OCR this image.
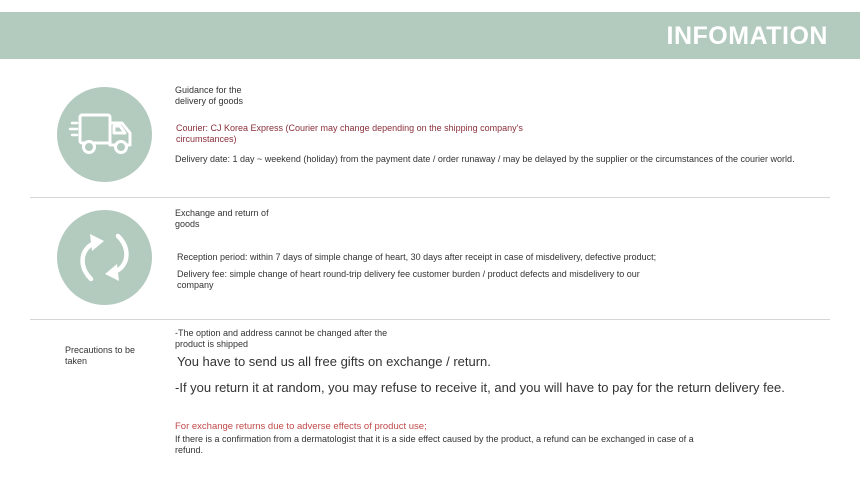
INFOMATION
Guidance for the delivery of goods
Courier: CJ Korea Express (Courier may change depending on the shipping company's circumstances)
Delivery date: 1 day ~ weekend (holiday) from the payment date / order runaway / may be delayed by the supplier or the circumstances of the courier world.
Exchange and return of goods
Reception period: within 7 days of simple change of heart, 30 days after receipt in case of misdelivery, defective product;
Delivery fee: simple change of heart round-trip delivery fee customer burden / product defects and misdelivery to our company
Precautions to be taken
-The option and address cannot be changed after the product is shipped
You have to send us all free gifts on exchange / return.
-If you return it at random, you may refuse to receive it, and you will have to pay for the return delivery fee.
For exchange returns due to adverse effects of product use;
If there is a confirmation from a dermatologist that it is a side effect caused by the product, a refund can be exchanged in case of a refund.
